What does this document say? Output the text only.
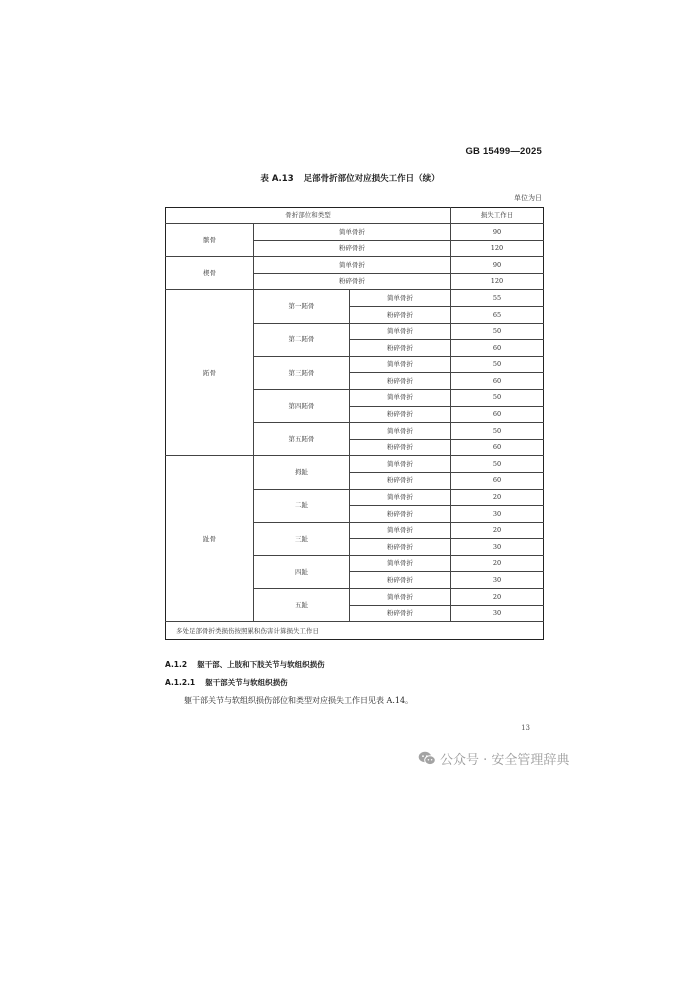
GB 15499—2025
表 A.13 足部骨折部位对应损失工作日（续）
单位为日
骨折部位和类型			损失工作日
髌骨	简单骨折		90
	粉碎骨折		120
楔骨	简单骨折		90
	粉碎骨折		120
跖骨	第一跖骨	简单骨折	55
		粉碎骨折	65
	第二跖骨	简单骨折	50
		粉碎骨折	60
	第三跖骨	简单骨折	50
		粉碎骨折	60
	第四跖骨	简单骨折	50
		粉碎骨折	60
	第五跖骨	简单骨折	50
		粉碎骨折	60
趾骨	拇趾	简单骨折	50
		粉碎骨折	60
	二趾	简单骨折	20
		粉碎骨折	30
	三趾	简单骨折	20
		粉碎骨折	30
	四趾	简单骨折	20
		粉碎骨折	30
	五趾	简单骨折	20
		粉碎骨折	30
多处足部骨折类损伤按照累积伤害计算损失工作日			
A.1.2 躯干部、上肢和下肢关节与软组织损伤
A.1.2.1 躯干部关节与软组织损伤
躯干部关节与软组织损伤部位和类型对应损失工作日见表 A.14。
13
公众号 · 安全管理辞典
